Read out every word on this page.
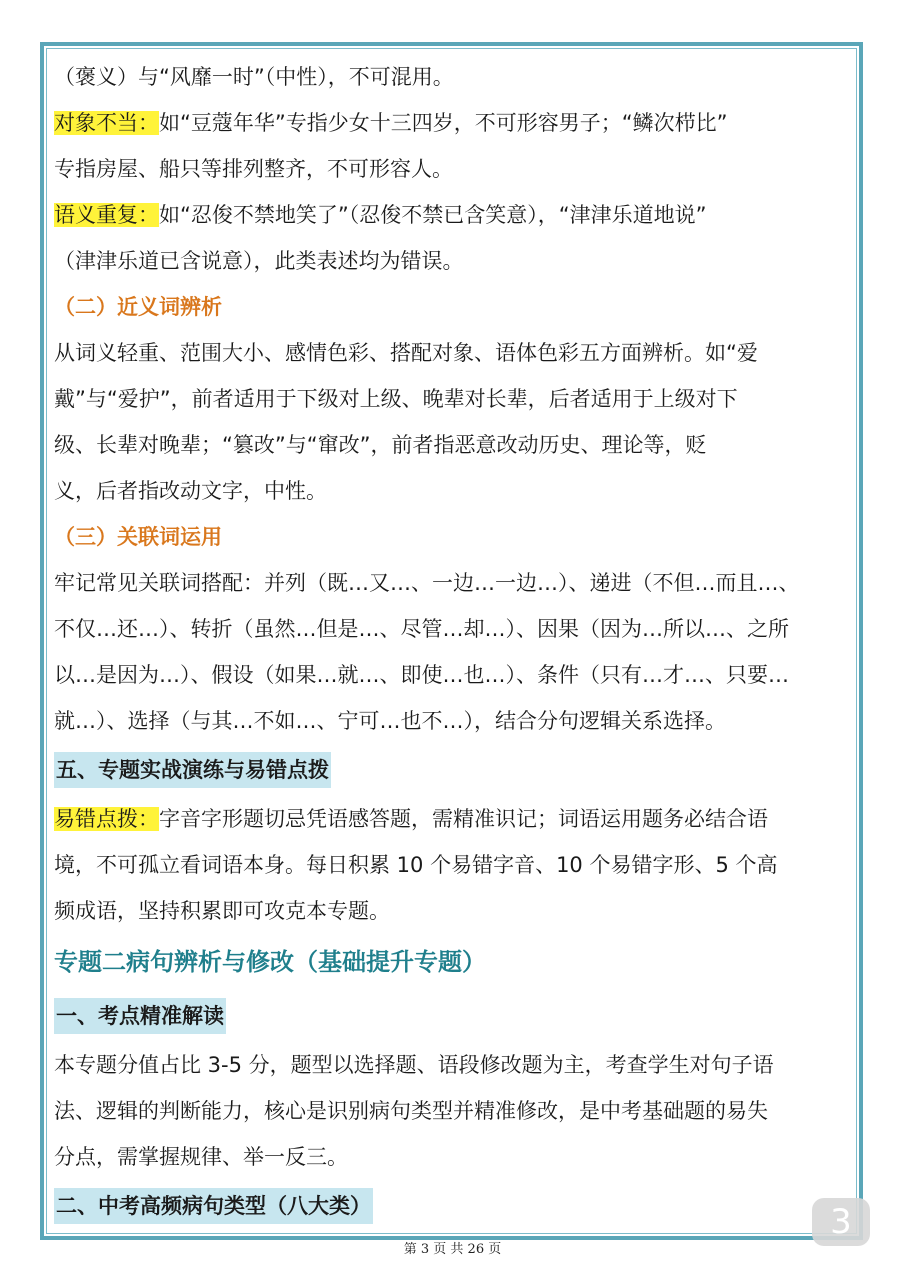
（褒义）与“风靡一时”（中性），不可混用。
对象不当：如“豆蔻年华”专指少女十三四岁，不可形容男子；“鳞次栉比”
专指房屋、船只等排列整齐，不可形容人。
语义重复：如“忍俊不禁地笑了”（忍俊不禁已含笑意），“津津乐道地说”
（津津乐道已含说意），此类表述均为错误。
（二）近义词辨析
从词义轻重、范围大小、感情色彩、搭配对象、语体色彩五方面辨析。如“爱
戴”与“爱护”，前者适用于下级对上级、晚辈对长辈，后者适用于上级对下
级、长辈对晚辈；“篡改”与“窜改”，前者指恶意改动历史、理论等，贬
义，后者指改动文字，中性。
（三）关联词运用
牢记常见关联词搭配：并列（既…又…、一边…一边…）、递进（不但…而且…、
不仅…还…）、转折（虽然…但是…、尽管…却…）、因果（因为…所以…、之所
以…是因为…）、假设（如果…就…、即使…也…）、条件（只有…才…、只要…
就…）、选择（与其…不如…、宁可…也不…），结合分句逻辑关系选择。
五、专题实战演练与易错点拨
易错点拨：字音字形题切忌凭语感答题，需精准识记；词语运用题务必结合语
境，不可孤立看词语本身。每日积累 10 个易错字音、10 个易错字形、5 个高
频成语，坚持积累即可攻克本专题。
专题二病句辨析与修改（基础提升专题）
一、考点精准解读
本专题分值占比 3-5 分，题型以选择题、语段修改题为主，考查学生对句子语
法、逻辑的判断能力，核心是识别病句类型并精准修改，是中考基础题的易失
分点，需掌握规律、举一反三。
二、中考高频病句类型（八大类）
第 3 页 共 26 页
3
